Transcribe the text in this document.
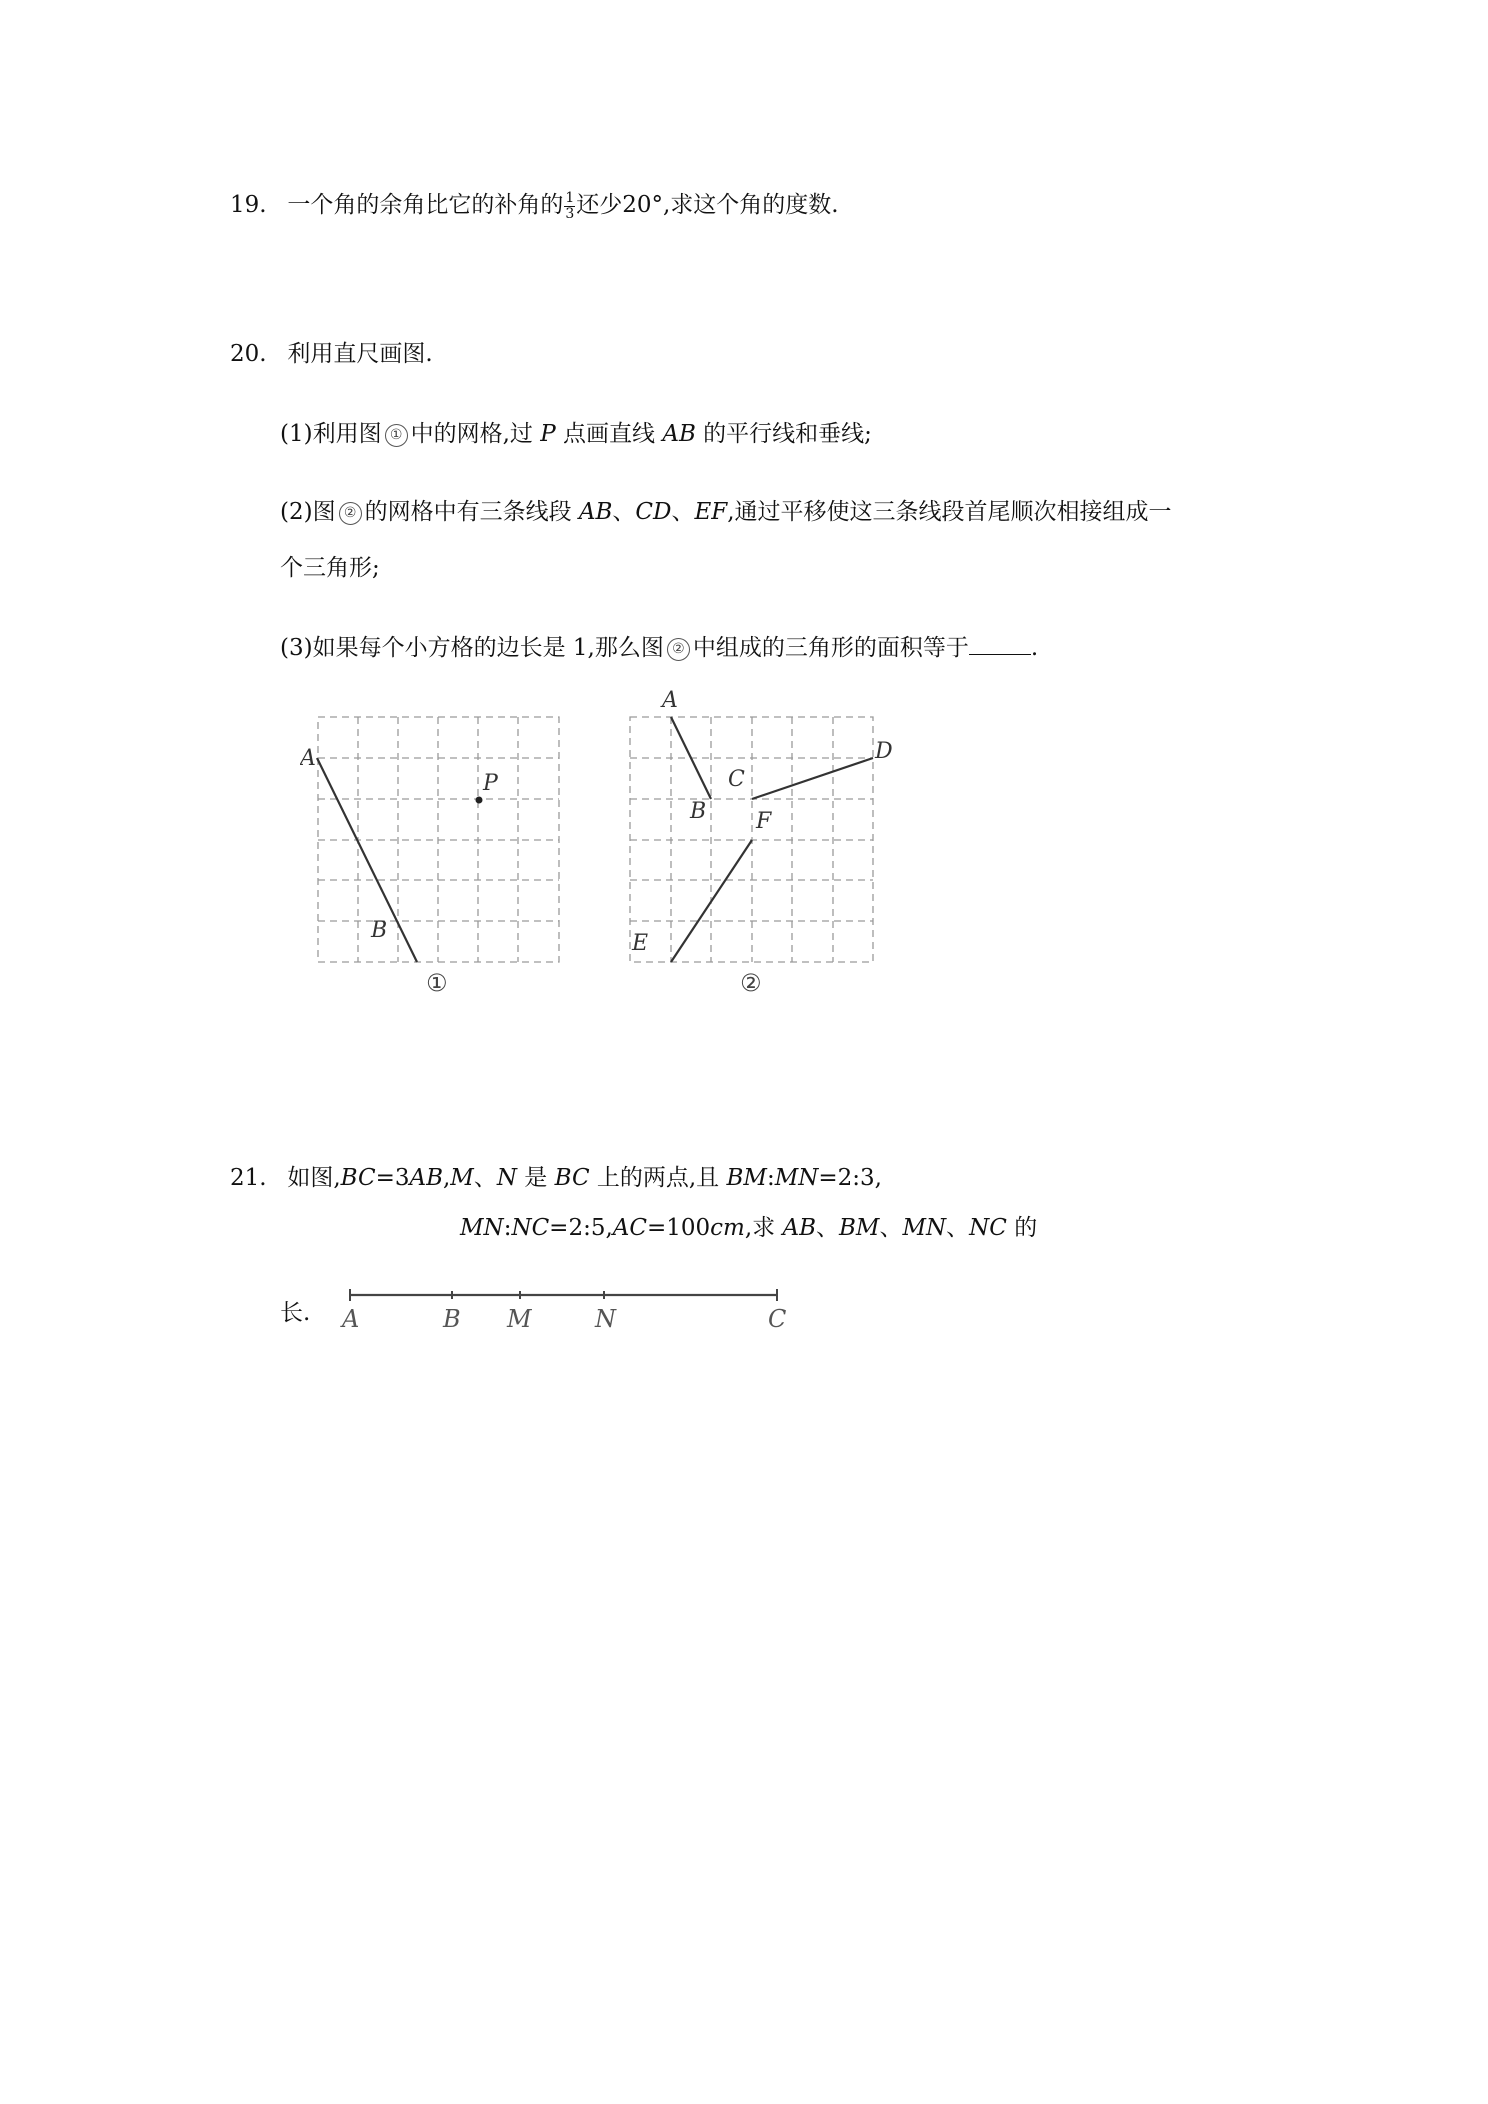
19. 一个角的余角比它的补角的 $\frac{1}{3}$ 还少20°,求这个角的度数.
20. 利用直尺画图.
(1)利用图 ① 中的网格,过 P 点画直线 AB 的平行线和垂线;
(2)图 ② 的网格中有三条线段 AB、CD、EF,通过平移使这三条线段首尾顺次相接组成一
个三角形;
(3)如果每个小方格的边长是 1,那么图 ② 中组成的三角形的面积等于	.
A
B
P
①
A
B
C
D
E
F
②
21. 如图,BC=3AB,M、N 是 BC 上的两点,且 BM:MN=2:3,
MN:NC=2:5,AC=100cm,求 AB、BM、MN、NC 的
长. A	B M	N	C
